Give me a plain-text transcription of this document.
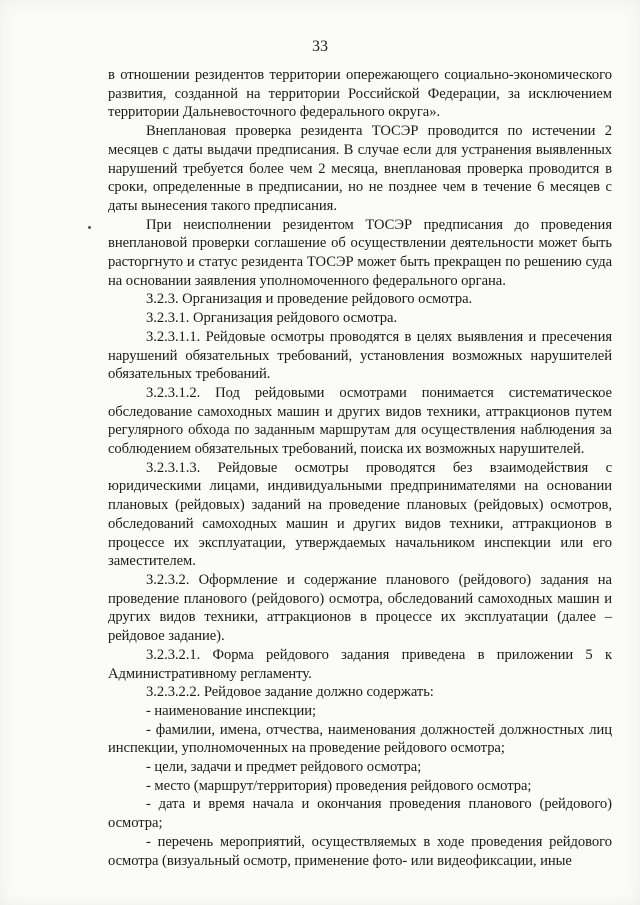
33

в отношении резидентов территории опережающего социально-экономического развития, созданной на территории Российской Федерации, за исключением территории Дальневосточного федерального округа».

Внеплановая проверка резидента ТОСЭР проводится по истечении 2 месяцев с даты выдачи предписания. В случае если для устранения выявленных нарушений требуется более чем 2 месяца, внеплановая проверка проводится в сроки, определенные в предписании, но не позднее чем в течение 6 месяцев с даты вынесения такого предписания.

При неисполнении резидентом ТОСЭР предписания до проведения внеплановой проверки соглашение об осуществлении деятельности может быть расторгнуто и статус резидента ТОСЭР может быть прекращен по решению суда на основании заявления уполномоченного федерального органа.

3.2.3. Организация и проведение рейдового осмотра.

3.2.3.1. Организация рейдового осмотра.

3.2.3.1.1. Рейдовые осмотры проводятся в целях выявления и пресечения нарушений обязательных требований, установления возможных нарушителей обязательных требований.

3.2.3.1.2. Под рейдовыми осмотрами понимается систематическое обследование самоходных машин и других видов техники, аттракционов путем регулярного обхода по заданным маршрутам для осуществления наблюдения за соблюдением обязательных требований, поиска их возможных нарушителей.

3.2.3.1.3. Рейдовые осмотры проводятся без взаимодействия с юридическими лицами, индивидуальными предпринимателями на основании плановых (рейдовых) заданий на проведение плановых (рейдовых) осмотров, обследований самоходных машин и других видов техники, аттракционов в процессе их эксплуатации, утверждаемых начальником инспекции или его заместителем.

3.2.3.2. Оформление и содержание планового (рейдового) задания на проведение планового (рейдового) осмотра, обследований самоходных машин и других видов техники, аттракционов в процессе их эксплуатации (далее – рейдовое задание).

3.2.3.2.1. Форма рейдового задания приведена в приложении 5 к Административному регламенту.

3.2.3.2.2. Рейдовое задание должно содержать:

- наименование инспекции;

- фамилии, имена, отчества, наименования должностей должностных лиц инспекции, уполномоченных на проведение рейдового осмотра;

- цели, задачи и предмет рейдового осмотра;

- место (маршрут/территория) проведения рейдового осмотра;

- дата и время начала и окончания проведения планового (рейдового) осмотра;

- перечень мероприятий, осуществляемых в ходе проведения рейдового осмотра (визуальный осмотр, применение фото- или видеофиксации, иные
